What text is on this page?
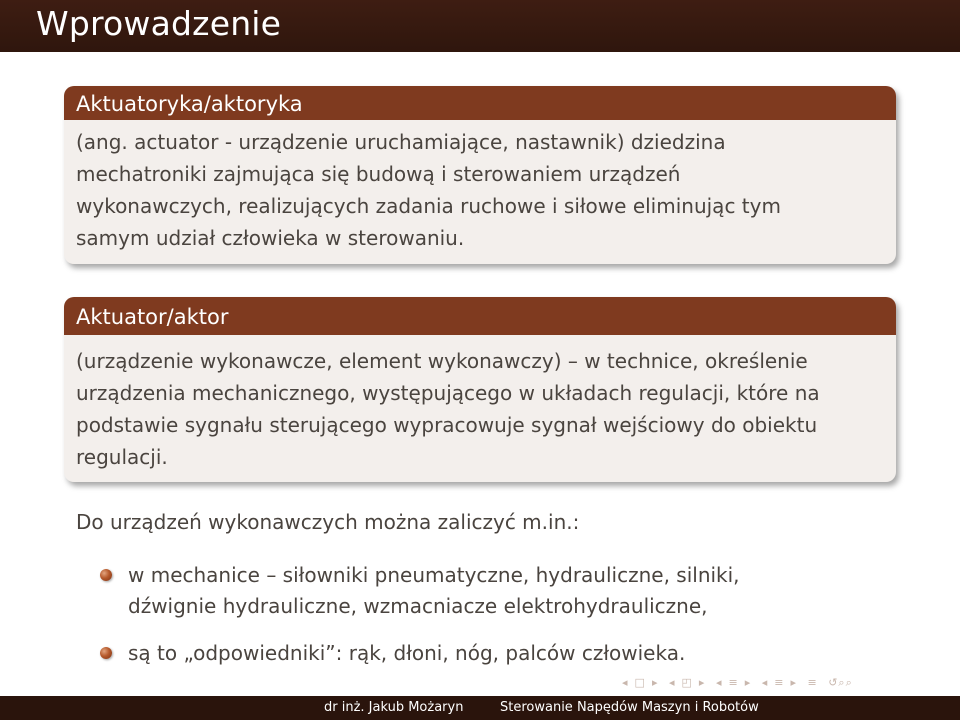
Wprowadzenie
Aktuatoryka/aktoryka
(ang. actuator - urządzenie uruchamiające, nastawnik) dziedzina
mechatroniki zajmująca się budową i sterowaniem urządzeń
wykonawczych, realizujących zadania ruchowe i siłowe eliminując tym
samym udział człowieka w sterowaniu.
Aktuator/aktor
(urządzenie wykonawcze, element wykonawczy) – w technice, określenie
urządzenia mechanicznego, występującego w układach regulacji, które na
podstawie sygnału sterującego wypracowuje sygnał wejściowy do obiektu
regulacji.
Do urządzeń wykonawczych można zaliczyć m.in.:
w mechanice – siłowniki pneumatyczne, hydrauliczne, silniki,
dźwignie hydrauliczne, wzmacniacze elektrohydrauliczne,
są to „odpowiedniki”: rąk, dłoni, nóg, palców człowieka.
◂ □ ▸ ◂ ◰ ▸ ◂ ≡ ▸ ◂ ≡ ▸ ≡ ↺⌕⌕
dr inż. Jakub Możaryn	Sterowanie Napędów Maszyn i Robotów
